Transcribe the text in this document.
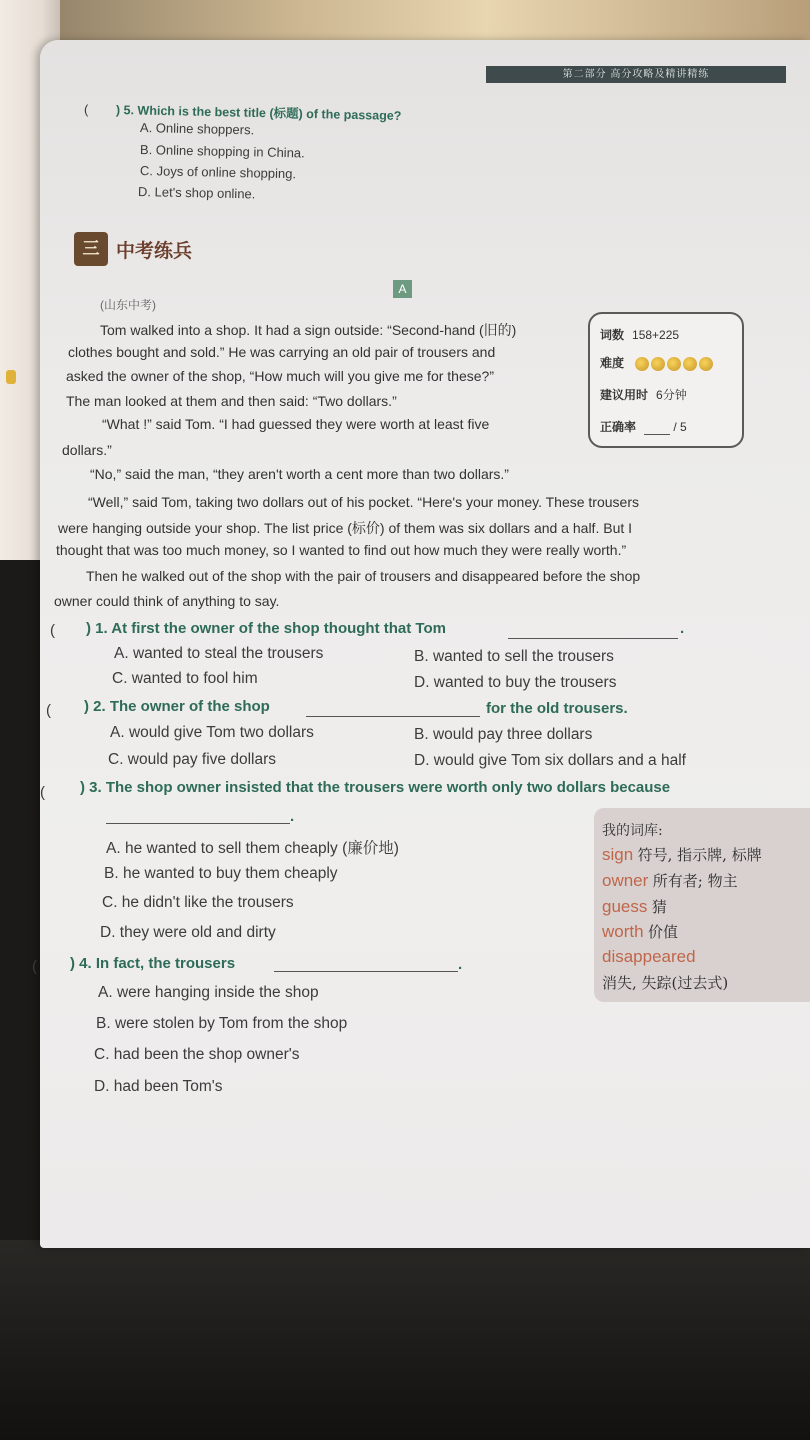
第二部分 高分攻略及精讲精练
( ) 5. Which is the best title (标题) of the passage?
A. Online shoppers.
B. Online shopping in China.
C. Joys of online shopping.
D. Let's shop online.
三 中考练兵
A
(山东中考)
词数 158+225
难度
建议用时 6分钟
正确率	/ 5
Tom walked into a shop. It had a sign outside: “Second-hand (旧的)
clothes bought and sold.” He was carrying an old pair of trousers and
asked the owner of the shop, “How much will you give me for these?”
The man looked at them and then said: “Two dollars.”
“What !” said Tom. “I had guessed they were worth at least five
dollars.”
“No,” said the man, “they aren't worth a cent more than two dollars.”
“Well,” said Tom, taking two dollars out of his pocket. “Here's your money. These trousers
were hanging outside your shop. The list price (标价) of them was six dollars and a half. But I
thought that was too much money, so I wanted to find out how much they were really worth.”
Then he walked out of the shop with the pair of trousers and disappeared before the shop
owner could think of anything to say.
( ) 1. At first the owner of the shop thought that Tom	.
A. wanted to steal the trousers	B. wanted to sell the trousers
C. wanted to fool him	D. wanted to buy the trousers
( ) 2. The owner of the shop	for the old trousers.
A. would give Tom two dollars	B. would pay three dollars
C. would pay five dollars	D. would give Tom six dollars and a half
( ) 3. The shop owner insisted that the trousers were worth only two dollars because
.
A. he wanted to sell them cheaply (廉价地)
B. he wanted to buy them cheaply
C. he didn't like the trousers
D. they were old and dirty
( ) 4. In fact, the trousers	.
A. were hanging inside the shop
B. were stolen by Tom from the shop
C. had been the shop owner's
D. had been Tom's
我的词库:
sign 符号, 指示牌, 标牌
owner 所有者; 物主
guess 猜
worth 价值
disappeared
消失, 失踪(过去式)
